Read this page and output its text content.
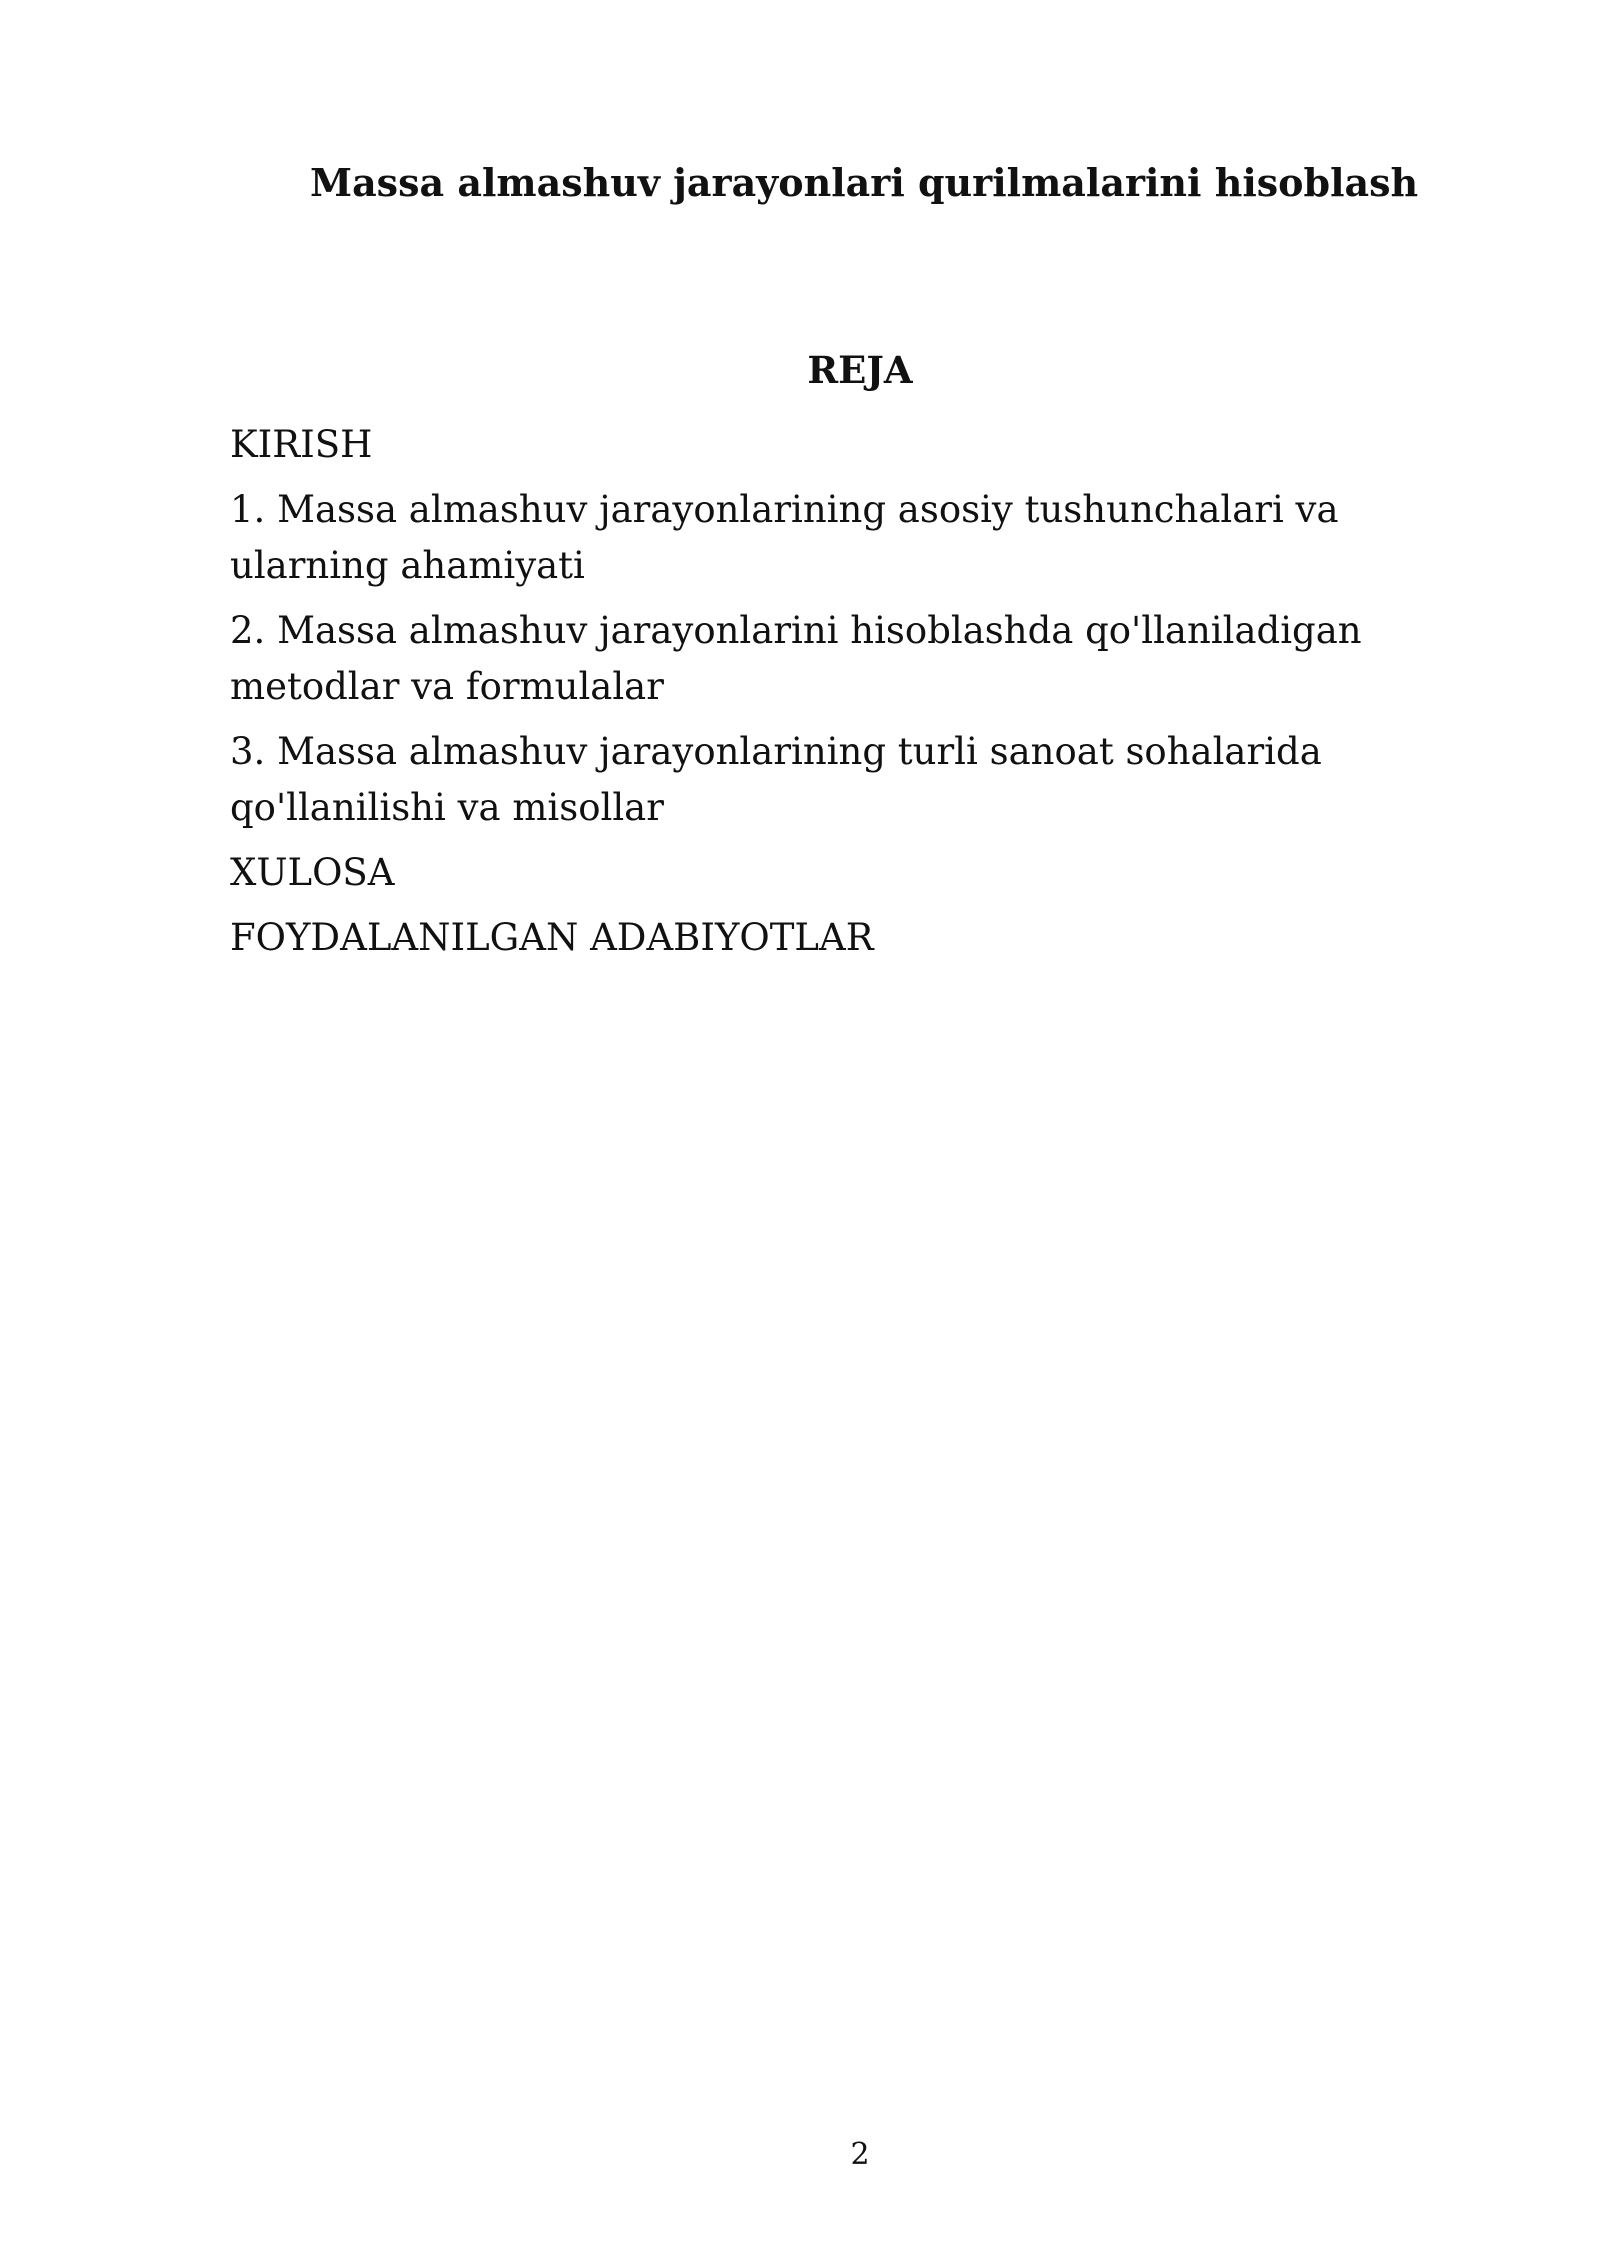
Massa almashuv jarayonlari qurilmalarini hisoblash
REJA
KIRISH
1. Massa almashuv jarayonlarining asosiy tushunchalari va ularning ahamiyati
2. Massa almashuv jarayonlarini hisoblashda qo'llaniladigan metodlar va formulalar
3. Massa almashuv jarayonlarining turli sanoat sohalarida qo'llanilishi va misollar
XULOSA
FOYDALANILGAN ADABIYOTLAR
2
